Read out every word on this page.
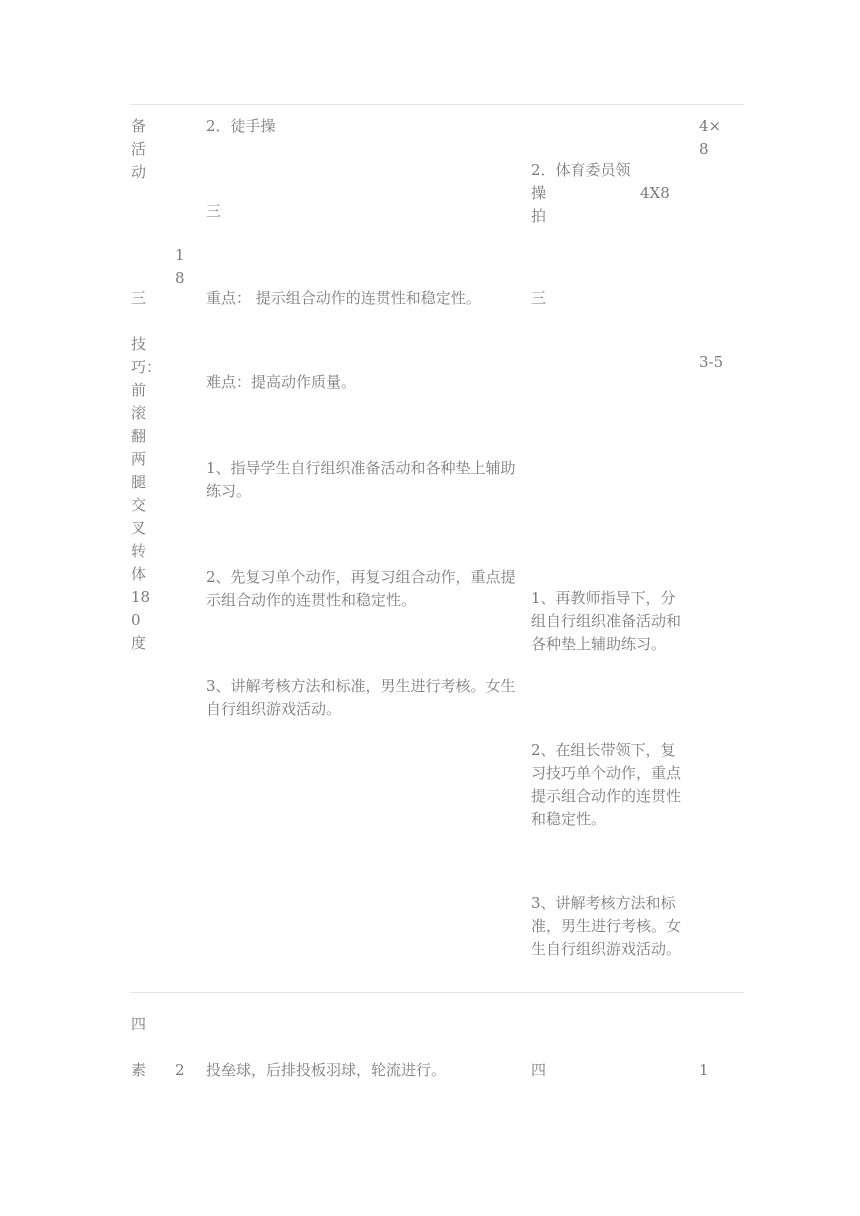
备活动
三
技巧：前滚翻两腿交叉转体180度
四
素
18
2
2．徒手操
三
重点： 提示组合动作的连贯性和稳定性。
难点：提高动作质量。
1、指导学生自行组织准备活动和各种垫上辅助练习。
2、先复习单个动作，再复习组合动作，重点提示组合动作的连贯性和稳定性。
3、讲解考核方法和标准，男生进行考核。女生自行组织游戏活动。
投垒球，后排投板羽球，轮流进行。
2．体育委员领
操	4X8
拍
三
1、再教师指导下，分组自行组织准备活动和各种垫上辅助练习。
2、在组长带领下，复习技巧单个动作，重点提示组合动作的连贯性和稳定性。
3、讲解考核方法和标准，男生进行考核。女生自行组织游戏活动。
四
4×
8
3-5
1
